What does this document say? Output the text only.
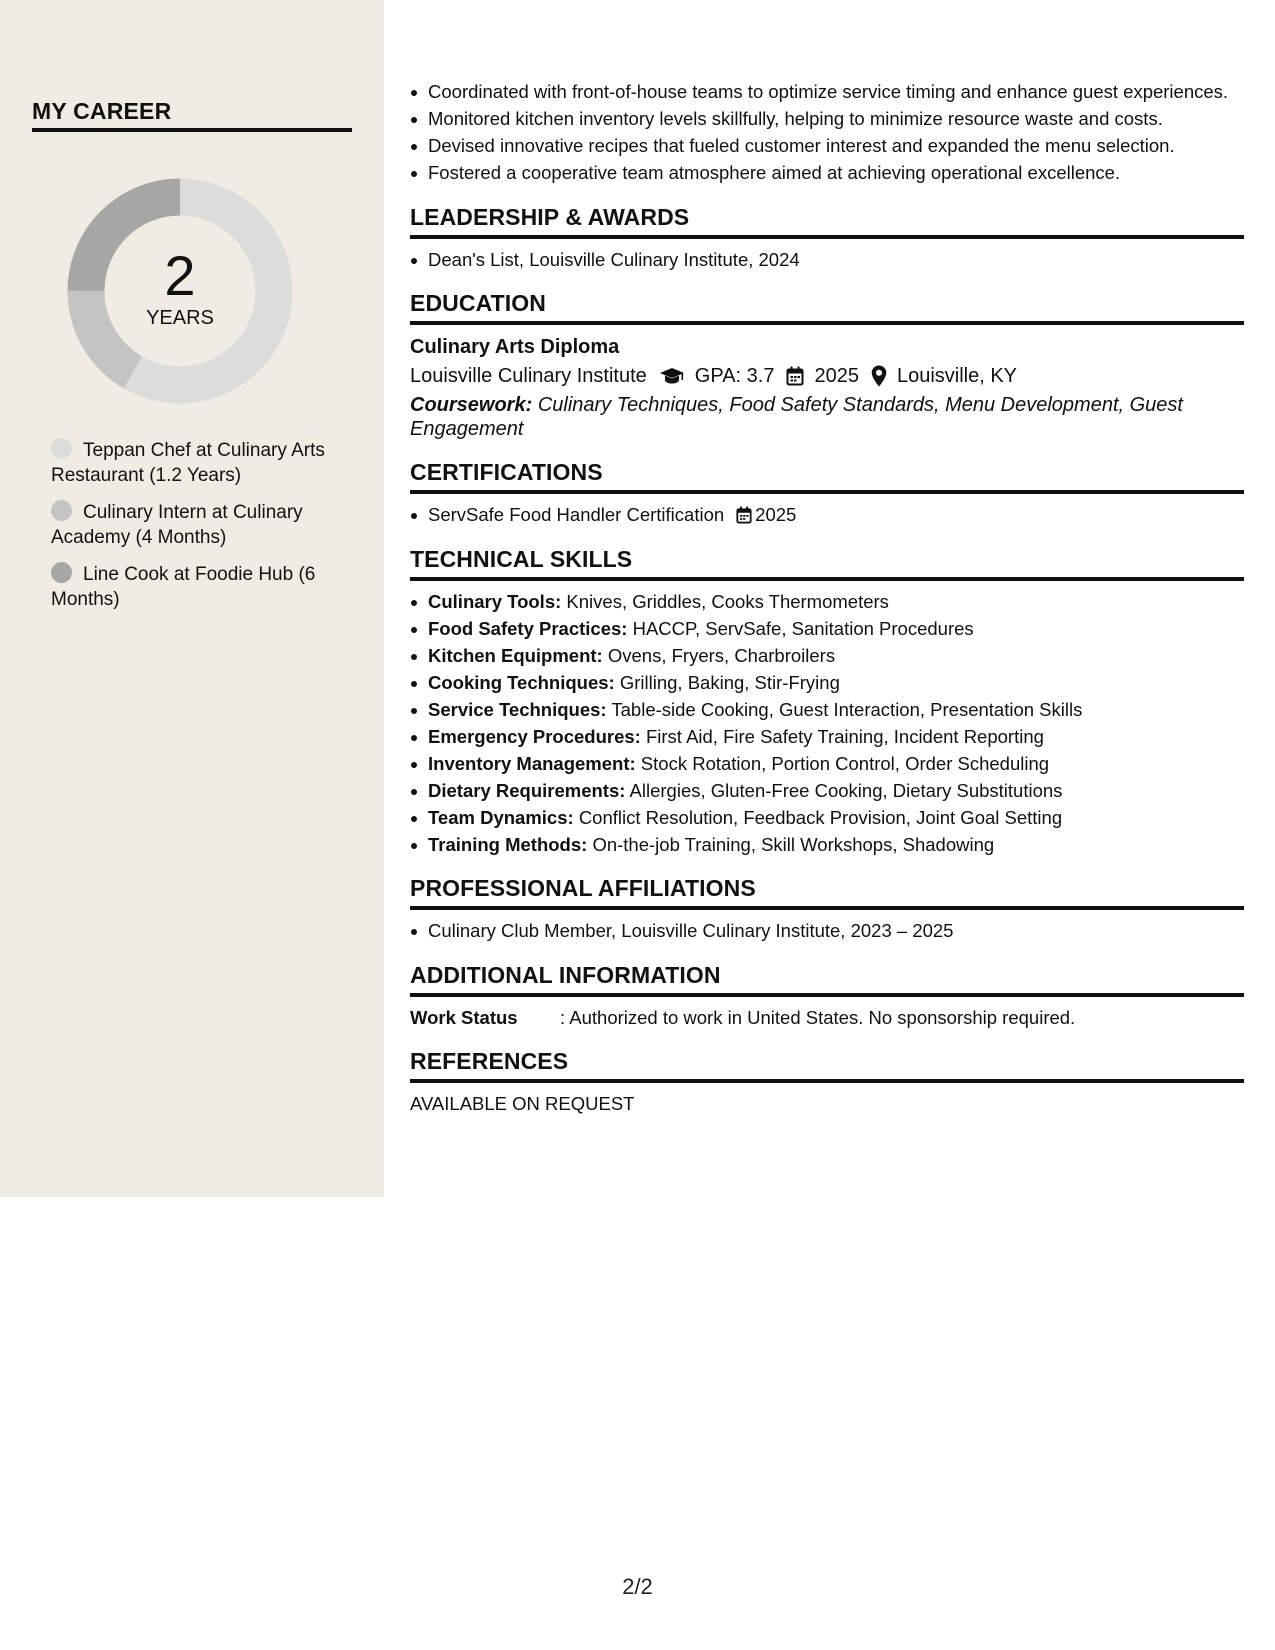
MY CAREER
2
YEARS
Teppan Chef at Culinary Arts Restaurant (1.2 Years)
Culinary Intern at Culinary Academy (4 Months)
Line Cook at Foodie Hub (6 Months)
Coordinated with front-of-house teams to optimize service timing and enhance guest experiences.
Monitored kitchen inventory levels skillfully, helping to minimize resource waste and costs.
Devised innovative recipes that fueled customer interest and expanded the menu selection.
Fostered a cooperative team atmosphere aimed at achieving operational excellence.
LEADERSHIP & AWARDS
Dean's List, Louisville Culinary Institute, 2024
EDUCATION
Culinary Arts Diploma
Louisville Culinary Institute GPA: 3.7 2025 Louisville, KY
Coursework: Culinary Techniques, Food Safety Standards, Menu Development, Guest Engagement
CERTIFICATIONS
ServSafe Food Handler Certification 2025
TECHNICAL SKILLS
Culinary Tools: Knives, Griddles, Cooks Thermometers
Food Safety Practices: HACCP, ServSafe, Sanitation Procedures
Kitchen Equipment: Ovens, Fryers, Charbroilers
Cooking Techniques: Grilling, Baking, Stir-Frying
Service Techniques: Table-side Cooking, Guest Interaction, Presentation Skills
Emergency Procedures: First Aid, Fire Safety Training, Incident Reporting
Inventory Management: Stock Rotation, Portion Control, Order Scheduling
Dietary Requirements: Allergies, Gluten-Free Cooking, Dietary Substitutions
Team Dynamics: Conflict Resolution, Feedback Provision, Joint Goal Setting
Training Methods: On-the-job Training, Skill Workshops, Shadowing
PROFESSIONAL AFFILIATIONS
Culinary Club Member, Louisville Culinary Institute, 2023 – 2025
ADDITIONAL INFORMATION
Work Status	: Authorized to work in United States. No sponsorship required.
REFERENCES
AVAILABLE ON REQUEST
2/2
